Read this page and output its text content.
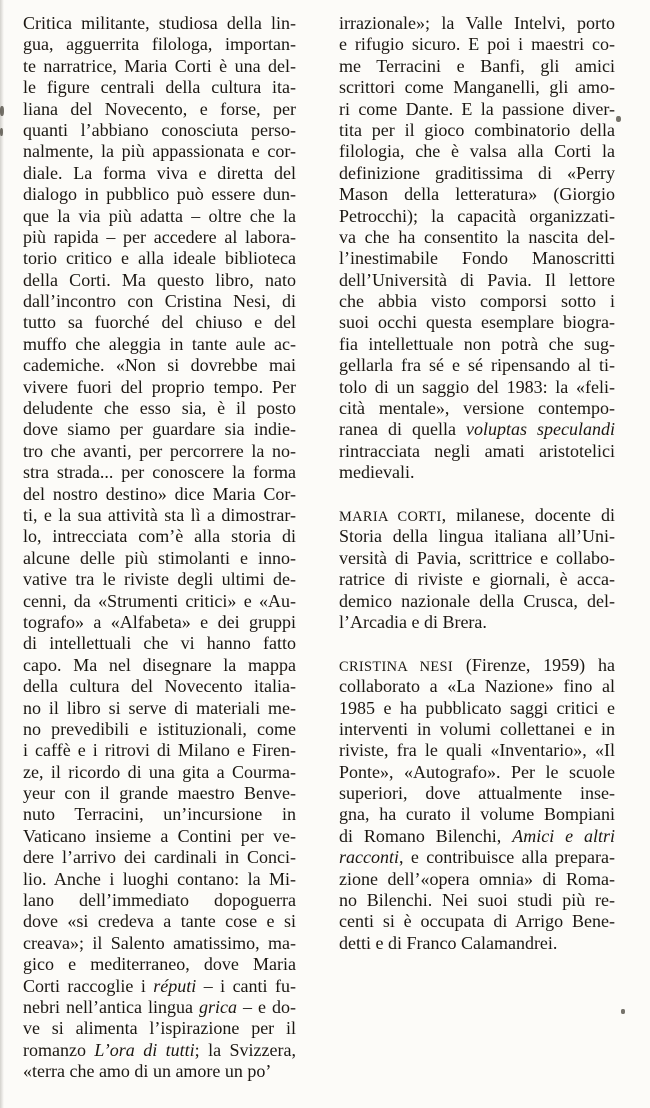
Critica militante, studiosa della lin-
gua, agguerrita filologa, importan-
te narratrice, Maria Corti è una del-
le figure centrali della cultura ita-
liana del Novecento, e forse, per
quanti l’abbiano conosciuta perso-
nalmente, la più appassionata e cor-
diale. La forma viva e diretta del
dialogo in pubblico può essere dun-
que la via più adatta – oltre che la
più rapida – per accedere al labora-
torio critico e alla ideale biblioteca
della Corti. Ma questo libro, nato
dall’incontro con Cristina Nesi, di
tutto sa fuorché del chiuso e del
muffo che aleggia in tante aule ac-
cademiche. «Non si dovrebbe mai
vivere fuori del proprio tempo. Per
deludente che esso sia, è il posto
dove siamo per guardare sia indie-
tro che avanti, per percorrere la no-
stra strada... per conoscere la forma
del nostro destino» dice Maria Cor-
ti, e la sua attività sta lì a dimostrar-
lo, intrecciata com’è alla storia di
alcune delle più stimolanti e inno-
vative tra le riviste degli ultimi de-
cenni, da «Strumenti critici» e «Au-
tografo» a «Alfabeta» e dei gruppi
di intellettuali che vi hanno fatto
capo. Ma nel disegnare la mappa
della cultura del Novecento italia-
no il libro si serve di materiali me-
no prevedibili e istituzionali, come
i caffè e i ritrovi di Milano e Firen-
ze, il ricordo di una gita a Courma-
yeur con il grande maestro Benve-
nuto Terracini, un’incursione in
Vaticano insieme a Contini per ve-
dere l’arrivo dei cardinali in Conci-
lio. Anche i luoghi contano: la Mi-
lano dell’immediato dopoguerra
dove «si credeva a tante cose e si
creava»; il Salento amatissimo, ma-
gico e mediterraneo, dove Maria
Corti raccoglie i réputi – i canti fu-
nebri nell’antica lingua grica – e do-
ve si alimenta l’ispirazione per il
romanzo L’ora di tutti; la Svizzera,
«terra che amo di un amore un po’
irrazionale»; la Valle Intelvi, porto
e rifugio sicuro. E poi i maestri co-
me Terracini e Banfi, gli amici
scrittori come Manganelli, gli amo-
ri come Dante. E la passione diver-
tita per il gioco combinatorio della
filologia, che è valsa alla Corti la
definizione graditissima di «Perry
Mason della letteratura» (Giorgio
Petrocchi); la capacità organizzati-
va che ha consentito la nascita del-
l’inestimabile Fondo Manoscritti
dell’Università di Pavia. Il lettore
che abbia visto comporsi sotto i
suoi occhi questa esemplare biogra-
fia intellettuale non potrà che sug-
gellarla fra sé e sé ripensando al ti-
tolo di un saggio del 1983: la «feli-
cità mentale», versione contempo-
ranea di quella voluptas speculandi
rintracciata negli amati aristotelici
medievali.
MARIA CORTI, milanese, docente di
Storia della lingua italiana all’Uni-
versità di Pavia, scrittrice e collabo-
ratrice di riviste e giornali, è acca-
demico nazionale della Crusca, del-
l’Arcadia e di Brera.
CRISTINA NESI (Firenze, 1959) ha
collaborato a «La Nazione» fino al
1985 e ha pubblicato saggi critici e
interventi in volumi collettanei e in
riviste, fra le quali «Inventario», «Il
Ponte», «Autografo». Per le scuole
superiori, dove attualmente inse-
gna, ha curato il volume Bompiani
di Romano Bilenchi, Amici e altri
racconti, e contribuisce alla prepara-
zione dell’«opera omnia» di Roma-
no Bilenchi. Nei suoi studi più re-
centi si è occupata di Arrigo Bene-
detti e di Franco Calamandrei.
